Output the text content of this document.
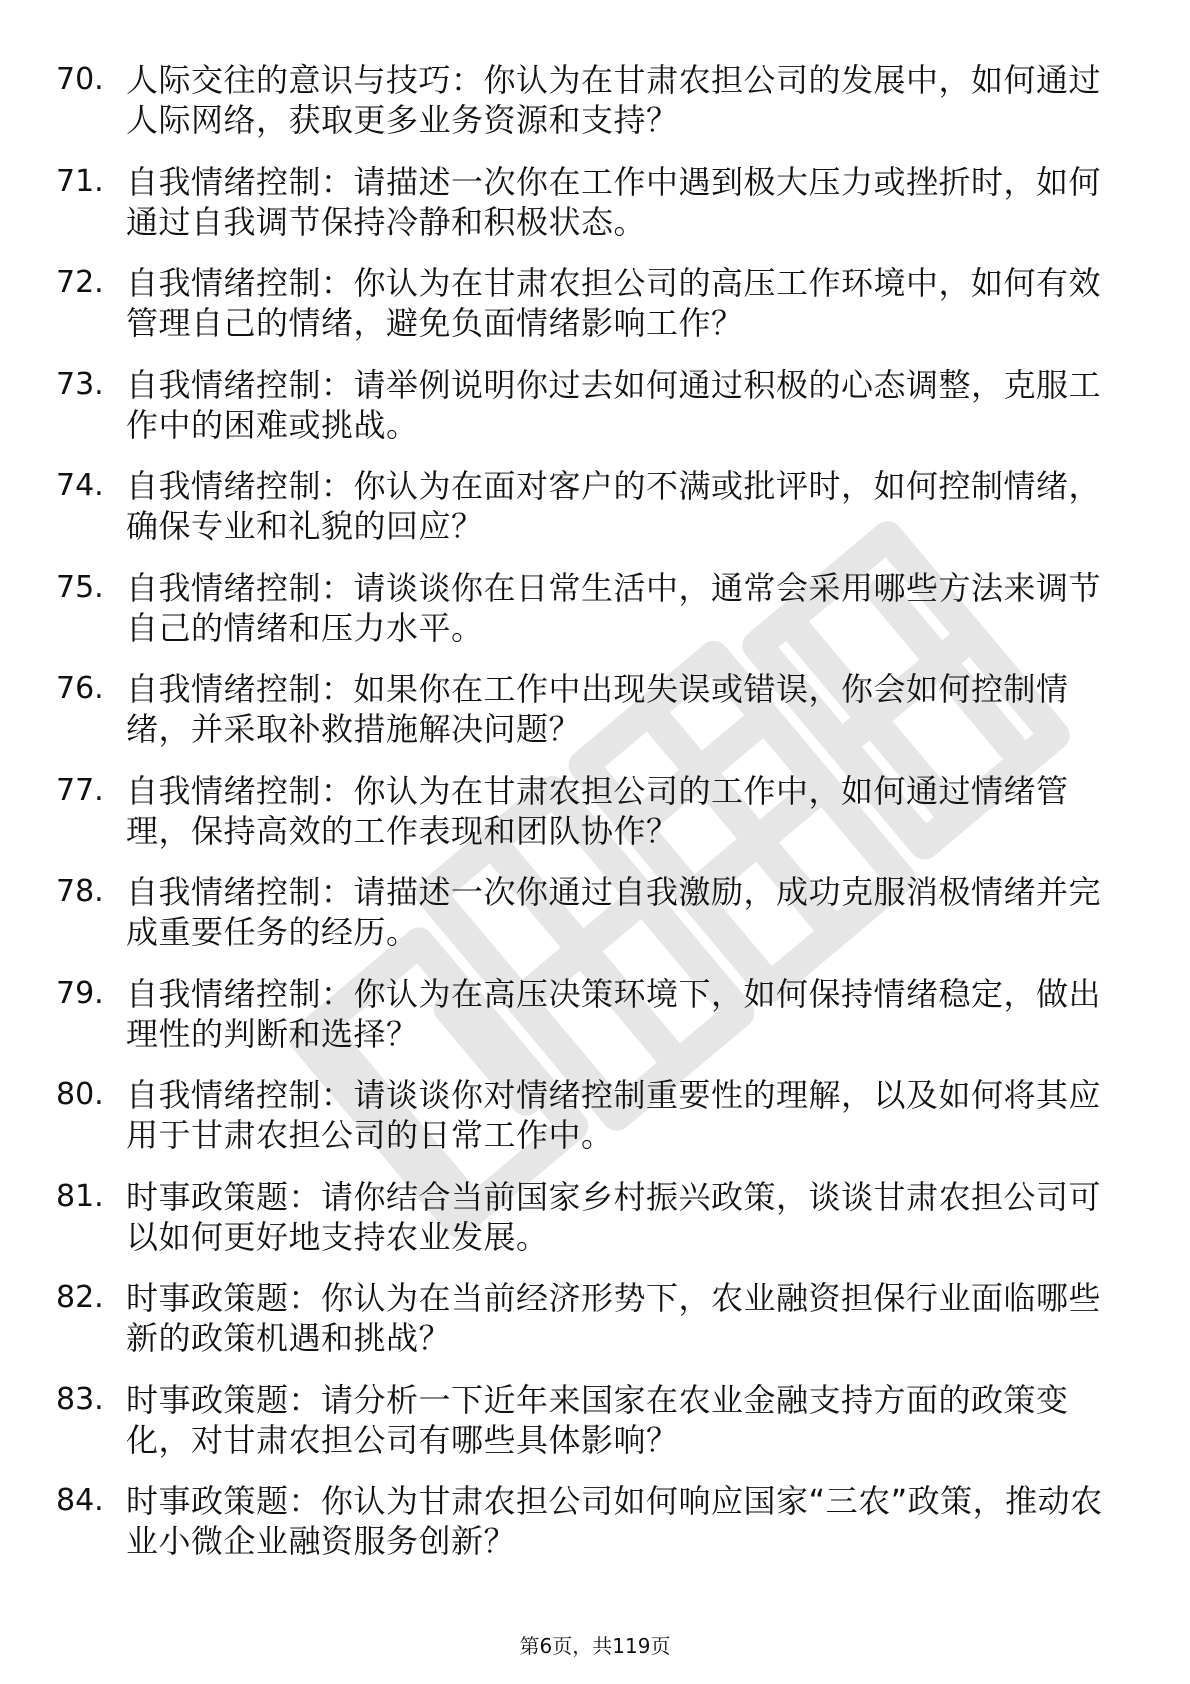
70. 人际交往的意识与技巧：你认为在甘肃农担公司的发展中，如何通过人际网络，获取更多业务资源和支持？
71. 自我情绪控制：请描述一次你在工作中遇到极大压力或挫折时，如何通过自我调节保持冷静和积极状态。
72. 自我情绪控制：你认为在甘肃农担公司的高压工作环境中，如何有效管理自己的情绪，避免负面情绪影响工作？
73. 自我情绪控制：请举例说明你过去如何通过积极的心态调整，克服工作中的困难或挑战。
74. 自我情绪控制：你认为在面对客户的不满或批评时，如何控制情绪，确保专业和礼貌的回应？
75. 自我情绪控制：请谈谈你在日常生活中，通常会采用哪些方法来调节自己的情绪和压力水平。
76. 自我情绪控制：如果你在工作中出现失误或错误，你会如何控制情绪，并采取补救措施解决问题？
77. 自我情绪控制：你认为在甘肃农担公司的工作中，如何通过情绪管理，保持高效的工作表现和团队协作？
78. 自我情绪控制：请描述一次你通过自我激励，成功克服消极情绪并完成重要任务的经历。
79. 自我情绪控制：你认为在高压决策环境下，如何保持情绪稳定，做出理性的判断和选择？
80. 自我情绪控制：请谈谈你对情绪控制重要性的理解，以及如何将其应用于甘肃农担公司的日常工作中。
81. 时事政策题：请你结合当前国家乡村振兴政策，谈谈甘肃农担公司可以如何更好地支持农业发展。
82. 时事政策题：你认为在当前经济形势下，农业融资担保行业面临哪些新的政策机遇和挑战？
83. 时事政策题：请分析一下近年来国家在农业金融支持方面的政策变化，对甘肃农担公司有哪些具体影响？
84. 时事政策题：你认为甘肃农担公司如何响应国家“三农”政策，推动农业小微企业融资服务创新？
第6页，共119页
